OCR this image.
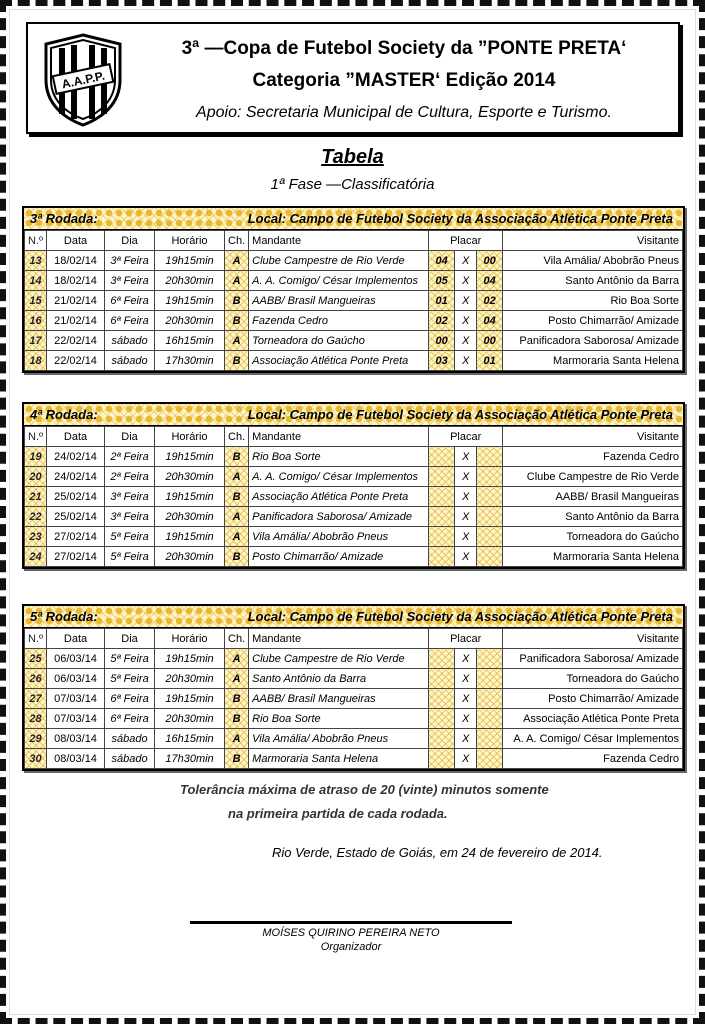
A.A.P.P.
3ª —Copa de Futebol Society da ”PONTE PRETA‘
Categoria ”MASTER‘ Edição 2014
Apoio: Secretaria Municipal de Cultura, Esporte e Turismo.
Tabela
1ª Fase —Classificatória
3ª Rodada:	Local: Campo de Futebol Society da Associação Atlética Ponte Preta
N.º	Data	Dia	Horário	Ch.	Mandante	Placar			Visitante
13	18/02/14	3ª Feira	19h15min	A	Clube Campestre de Rio Verde	04	X	00	Vila Amália/ Abobrão Pneus
14	18/02/14	3ª Feira	20h30min	A	A. A. Comigo/ César Implementos	05	X	04	Santo Antônio da Barra
15	21/02/14	6ª Feira	19h15min	B	AABB/ Brasil Mangueiras	01	X	02	Rio Boa Sorte
16	21/02/14	6ª Feira	20h30min	B	Fazenda Cedro	02	X	04	Posto Chimarrão/ Amizade
17	22/02/14	sábado	16h15min	A	Torneadora do Gaúcho	00	X	00	Panificadora Saborosa/ Amizade
18	22/02/14	sábado	17h30min	B	Associação Atlética Ponte Preta	03	X	01	Marmoraria Santa Helena
4ª Rodada:	Local: Campo de Futebol Society da Associação Atlética Ponte Preta
N.º	Data	Dia	Horário	Ch.	Mandante	Placar			Visitante
19	24/02/14	2ª Feira	19h15min	B	Rio Boa Sorte		X		Fazenda Cedro
20	24/02/14	2ª Feira	20h30min	A	A. A. Comigo/ César Implementos		X		Clube Campestre de Rio Verde
21	25/02/14	3ª Feira	19h15min	B	Associação Atlética Ponte Preta		X		AABB/ Brasil Mangueiras
22	25/02/14	3ª Feira	20h30min	A	Panificadora Saborosa/ Amizade		X		Santo Antônio da Barra
23	27/02/14	5ª Feira	19h15min	A	Vila Amália/ Abobrão Pneus		X		Torneadora do Gaúcho
24	27/02/14	5ª Feira	20h30min	B	Posto Chimarrão/ Amizade		X		Marmoraria Santa Helena
5ª Rodada:	Local: Campo de Futebol Society da Associação Atlética Ponte Preta
N.º	Data	Dia	Horário	Ch.	Mandante	Placar			Visitante
25	06/03/14	5ª Feira	19h15min	A	Clube Campestre de Rio Verde		X		Panificadora Saborosa/ Amizade
26	06/03/14	5ª Feira	20h30min	A	Santo Antônio da Barra		X		Torneadora do Gaúcho
27	07/03/14	6ª Feira	19h15min	B	AABB/ Brasil Mangueiras		X		Posto Chimarrão/ Amizade
28	07/03/14	6ª Feira	20h30min	B	Rio Boa Sorte		X		Associação Atlética Ponte Preta
29	08/03/14	sábado	16h15min	A	Vila Amália/ Abobrão Pneus		X		A. A. Comigo/ César Implementos
30	08/03/14	sábado	17h30min	B	Marmoraria Santa Helena		X		Fazenda Cedro
Tolerância máxima de atraso de 20 (vinte) minutos somente
na primeira partida de cada rodada.
Rio Verde, Estado de Goiás, em 24 de fevereiro de 2014.
MOÍSES QUIRINO PEREIRA NETO
Organizador
